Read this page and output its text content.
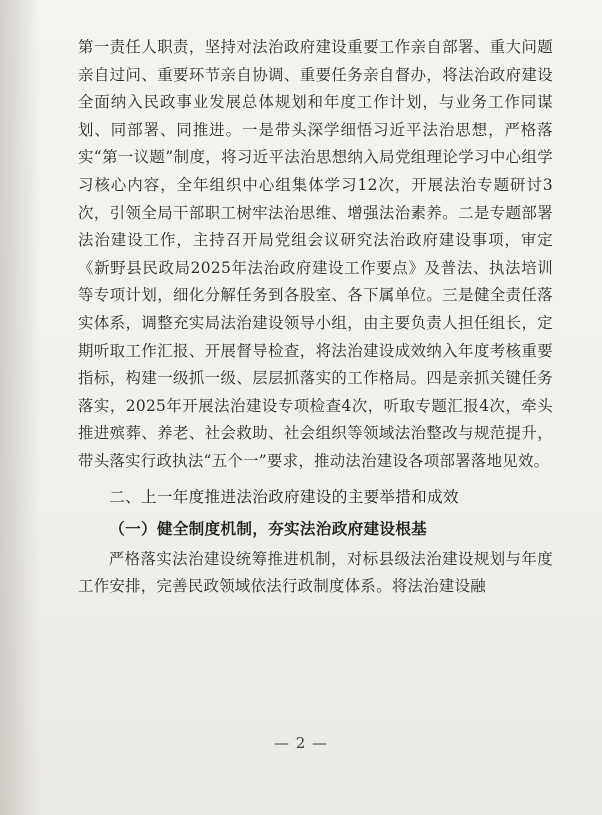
第一责任人职责，坚持对法治政府建设重要工作亲自部署、重大问题亲自过问、重要环节亲自协调、重要任务亲自督办，将法治政府建设全面纳入民政事业发展总体规划和年度工作计划，与业务工作同谋划、同部署、同推进。一是带头深学细悟习近平法治思想，严格落实“第一议题”制度，将习近平法治思想纳入局党组理论学习中心组学习核心内容，全年组织中心组集体学习12次，开展法治专题研讨3次，引领全局干部职工树牢法治思维、增强法治素养。二是专题部署法治建设工作，主持召开局党组会议研究法治政府建设事项，审定《新野县民政局2025年法治政府建设工作要点》及普法、执法培训等专项计划，细化分解任务到各股室、各下属单位。三是健全责任落实体系，调整充实局法治建设领导小组，由主要负责人担任组长，定期听取工作汇报、开展督导检查，将法治建设成效纳入年度考核重要指标，构建一级抓一级、层层抓落实的工作格局。四是亲抓关键任务落实，2025年开展法治建设专项检查4次，听取专题汇报4次，牵头推进殡葬、养老、社会救助、社会组织等领域法治整改与规范提升，带头落实行政执法“五个一”要求，推动法治建设各项部署落地见效。

二、上一年度推进法治政府建设的主要举措和成效

（一）健全制度机制，夯实法治政府建设根基

严格落实法治建设统筹推进机制，对标县级法治建设规划与年度工作安排，完善民政领域依法行政制度体系。将法治建设融

— 2 —
